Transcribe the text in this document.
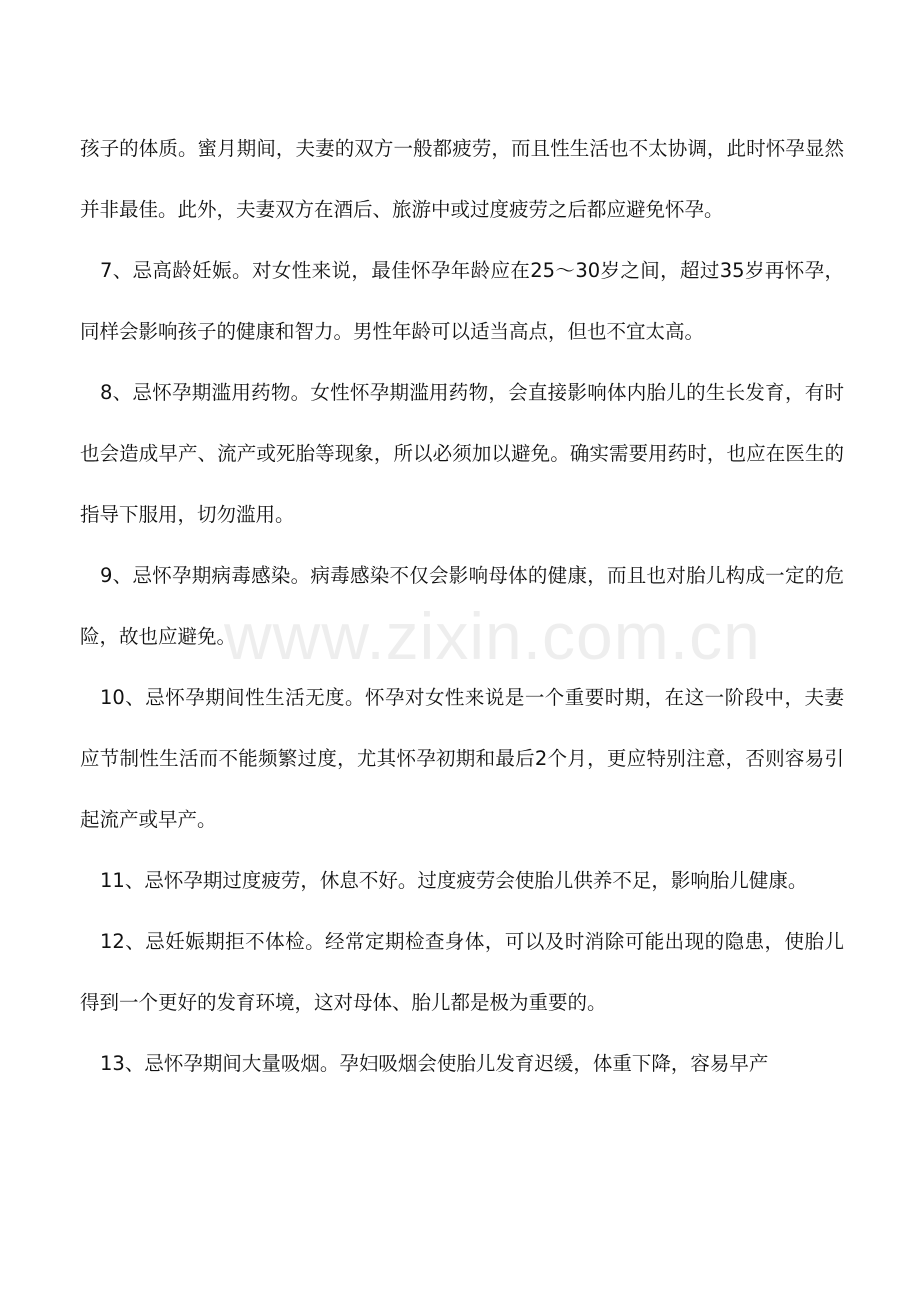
孩子的体质。蜜月期间，夫妻的双方一般都疲劳，而且性生活也不太协调，此时怀孕显然并非最佳。此外，夫妻双方在酒后、旅游中或过度疲劳之后都应避免怀孕。

7、忌高龄妊娠。对女性来说，最佳怀孕年龄应在25～30岁之间，超过35岁再怀孕，同样会影响孩子的健康和智力。男性年龄可以适当高点，但也不宜太高。

8、忌怀孕期滥用药物。女性怀孕期滥用药物，会直接影响体内胎儿的生长发育，有时也会造成早产、流产或死胎等现象，所以必须加以避免。确实需要用药时，也应在医生的指导下服用，切勿滥用。

9、忌怀孕期病毒感染。病毒感染不仅会影响母体的健康，而且也对胎儿构成一定的危险，故也应避免。

10、忌怀孕期间性生活无度。怀孕对女性来说是一个重要时期，在这一阶段中，夫妻应节制性生活而不能频繁过度，尤其怀孕初期和最后2个月，更应特别注意，否则容易引起流产或早产。

11、忌怀孕期过度疲劳，休息不好。过度疲劳会使胎儿供养不足，影响胎儿健康。

12、忌妊娠期拒不体检。经常定期检查身体，可以及时消除可能出现的隐患，使胎儿得到一个更好的发育环境，这对母体、胎儿都是极为重要的。

13、忌怀孕期间大量吸烟。孕妇吸烟会使胎儿发育迟缓，体重下降，容易早产

www.zixin.com.cn
